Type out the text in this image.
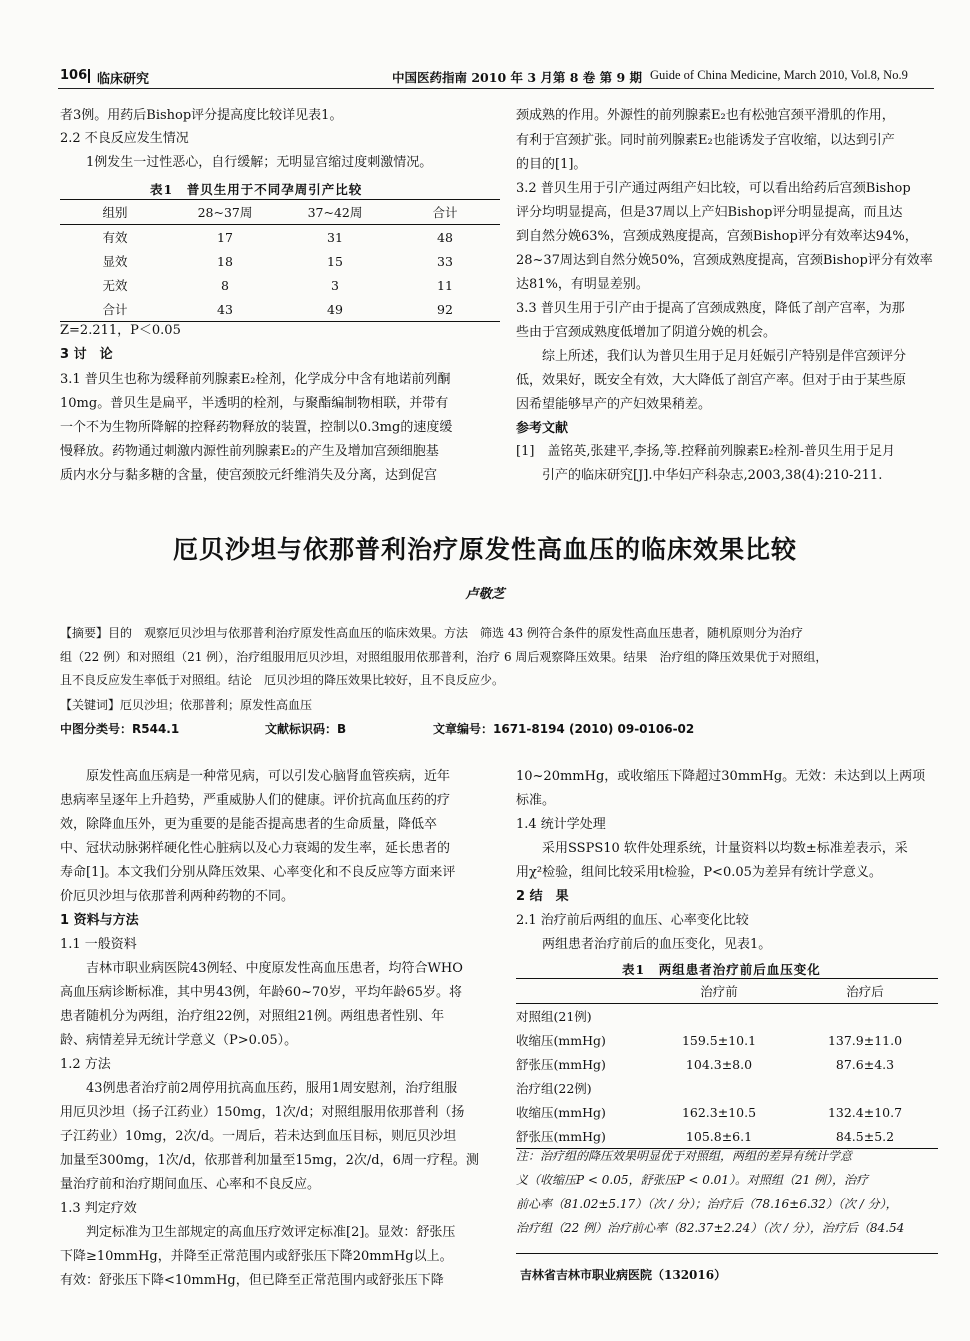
106 临床研究	中国医药指南 2010 年 3 月第 8 卷 第 9 期 Guide of China Medicine, March 2010, Vol.8, No.9
者3例。用药后Bishop评分提高度比较详见表1。
2.2 不良反应发生情况
1例发生一过性恶心，自行缓解；无明显宫缩过度刺激情况。
表1　普贝生用于不同孕周引产比较
组别	28~37周	37~42周	合计
有效	17	31	48
显效	18	15	33
无效	8	3	11
合计	43	49	92
Z=2.211，P＜0.05
3 讨　论
3.1 普贝生也称为缓释前列腺素E₂栓剂，化学成分中含有地诺前列酮
10mg。普贝生是扁平，半透明的栓剂，与聚酯编制物相联，并带有
一个不为生物所降解的控释药物释放的装置，控制以0.3mg的速度缓
慢释放。药物通过刺激内源性前列腺素E₂的产生及增加宫颈细胞基
质内水分与黏多糖的含量，使宫颈胶元纤维消失及分离，达到促宫
颈成熟的作用。外源性的前列腺素E₂也有松弛宫颈平滑肌的作用，
有利于宫颈扩张。同时前列腺素E₂也能诱发子宫收缩，以达到引产
的目的[1]。
3.2 普贝生用于引产通过两组产妇比较，可以看出给药后宫颈Bishop
评分均明显提高，但是37周以上产妇Bishop评分明显提高，而且达
到自然分娩63%，宫颈成熟度提高，宫颈Bishop评分有效率达94%，
28~37周达到自然分娩50%，宫颈成熟度提高，宫颈Bishop评分有效率
达81%，有明显差别。
3.3 普贝生用于引产由于提高了宫颈成熟度，降低了剖产宫率，为那
些由于宫颈成熟度低增加了阴道分娩的机会。
　　综上所述，我们认为普贝生用于足月妊娠引产特别是伴宫颈评分
低，效果好，既安全有效，大大降低了剖宫产率。但对于由于某些原
因希望能够早产的产妇效果稍差。
参考文献
[1]　盖铭英,张建平,李扬,等.控释前列腺素E₂栓剂-普贝生用于足月
　　引产的临床研究[J].中华妇产科杂志,2003,38(4):210-211.
厄贝沙坦与依那普利治疗原发性高血压的临床效果比较
卢敬芝
【摘要】目的　观察厄贝沙坦与依那普利治疗原发性高血压的临床效果。方法　筛选 43 例符合条件的原发性高血压患者，随机原则分为治疗
组（22 例）和对照组（21 例），治疗组服用厄贝沙坦，对照组服用依那普利，治疗 6 周后观察降压效果。结果　治疗组的降压效果优于对照组，
且不良反应发生率低于对照组。结论　厄贝沙坦的降压效果比较好，且不良反应少。
【关键词】厄贝沙坦；依那普利；原发性高血压
中图分类号：R544.1	文献标识码：B	文章编号：1671-8194 (2010) 09-0106-02
　　原发性高血压病是一种常见病，可以引发心脑肾血管疾病，近年
患病率呈逐年上升趋势，严重威胁人们的健康。评价抗高血压药的疗
效，除降血压外，更为重要的是能否提高患者的生命质量，降低卒
中、冠状动脉粥样硬化性心脏病以及心力衰竭的发生率，延长患者的
寿命[1]。本文我们分别从降压效果、心率变化和不良反应等方面来评
价厄贝沙坦与依那普利两种药物的不同。
1 资料与方法
1.1 一般资料
　　吉林市职业病医院43例轻、中度原发性高血压患者，均符合WHO
高血压病诊断标准，其中男43例，年龄60~70岁，平均年龄65岁。将
患者随机分为两组，治疗组22例，对照组21例。两组患者性别、年
龄、病情差异无统计学意义（P>0.05）。
1.2 方法
　　43例患者治疗前2周停用抗高血压药，服用1周安慰剂，治疗组服
用厄贝沙坦（扬子江药业）150mg，1次/d；对照组服用依那普利（扬
子江药业）10mg，2次/d。一周后，若未达到血压目标，则厄贝沙坦
加量至300mg，1次/d，依那普利加量至15mg，2次/d，6周一疗程。测
量治疗前和治疗期间血压、心率和不良反应。
1.3 判定疗效
　　判定标准为卫生部规定的高血压疗效评定标准[2]。显效：舒张压
下降≥10mmHg，并降至正常范围内或舒张压下降20mmHg以上。
有效：舒张压下降<10mmHg，但已降至正常范围内或舒张压下降
10~20mmHg，或收缩压下降超过30mmHg。无效：未达到以上两项
标准。
1.4 统计学处理
　　采用SSPS10 软件处理系统，计量资料以均数±标准差表示，采
用χ²检验，组间比较采用t检验，P<0.05为差异有统计学意义。
2 结　果
2.1 治疗前后两组的血压、心率变化比较
　　两组患者治疗前后的血压变化，见表1。
表1　两组患者治疗前后血压变化
	治疗前	治疗后
对照组(21例)		
收缩压(mmHg)	159.5±10.1	137.9±11.0
舒张压(mmHg)	104.3±8.0	87.6±4.3
治疗组(22例)		
收缩压(mmHg)	162.3±10.5	132.4±10.7
舒张压(mmHg)	105.8±6.1	84.5±5.2
注：治疗组的降压效果明显优于对照组，两组的差异有统计学意
义（收缩压P < 0.05，舒张压P < 0.01）。对照组（21 例），治疗
前心率（81.02±5.17）（次 / 分）；治疗后（78.16±6.32）（次 / 分），
治疗组（22 例）治疗前心率（82.37±2.24）（次 / 分），治疗后（84.54
吉林省吉林市职业病医院（132016）
